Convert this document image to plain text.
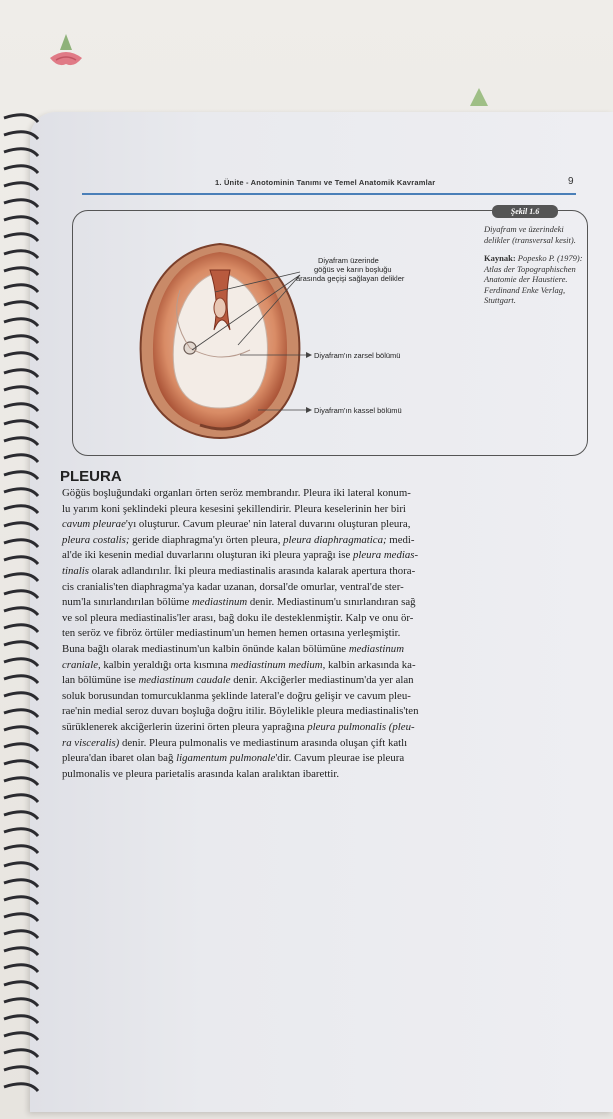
1. Ünite - Anotominin Tanımı ve Temel Anatomik Kavramlar	9
Şekil 1.6
Diyafram ve üzerindeki delikler (transversal kesit).
Kaynak: Popesko P. (1979): Atlas der Topographischen Anatomie der Haustiere. Ferdinand Enke Verlag, Stuttgart.
Diyafram üzerinde
göğüs ve karın boşluğu
arasında geçişi sağlayan delikler
Diyafram'ın zarsel bölümü
Diyafram'ın kassel bölümü
PLEURA
Göğüs boşluğundaki organları örten seröz membrandır. Pleura iki lateral konum-
lu yarım koni şeklindeki pleura kesesini şekillendirir. Pleura keselerinin her biri
cavum pleurae'yı oluşturur. Cavum pleurae' nin lateral duvarını oluşturan pleura,
pleura costalis; geride diaphragma'yı örten pleura, pleura diaphragmatica; medi-
al'de iki kesenin medial duvarlarını oluşturan iki pleura yaprağı ise pleura medias-
tinalis olarak adlandırılır. İki pleura mediastinalis arasında kalarak apertura thora-
cis cranialis'ten diaphragma'ya kadar uzanan, dorsal'de omurlar, ventral'de ster-
num'la sınırlandırılan bölüme mediastinum denir. Mediastinum'u sınırlandıran sağ
ve sol pleura mediastinalis'ler arası, bağ doku ile desteklenmiştir. Kalp ve onu ör-
ten seröz ve fibröz örtüler mediastinum'un hemen hemen ortasına yerleşmiştir.
Buna bağlı olarak mediastinum'un kalbin önünde kalan bölümüne mediastinum
craniale, kalbin yeraldığı orta kısmına mediastinum medium, kalbin arkasında ka-
lan bölümüne ise mediastinum caudale denir. Akciğerler mediastinum'da yer alan
soluk borusundan tomurcuklanma şeklinde lateral'e doğru gelişir ve cavum pleu-
rae'nin medial seroz duvarı boşluğa doğru itilir. Böylelikle pleura mediastinalis'ten
sürüklenerek akciğerlerin üzerini örten pleura yaprağına pleura pulmonalis (pleu-
ra visceralis) denir. Pleura pulmonalis ve mediastinum arasında oluşan çift katlı
pleura'dan ibaret olan bağ ligamentum pulmonale'dir. Cavum pleurae ise pleura
pulmonalis ve pleura parietalis arasında kalan aralıktan ibarettir.
